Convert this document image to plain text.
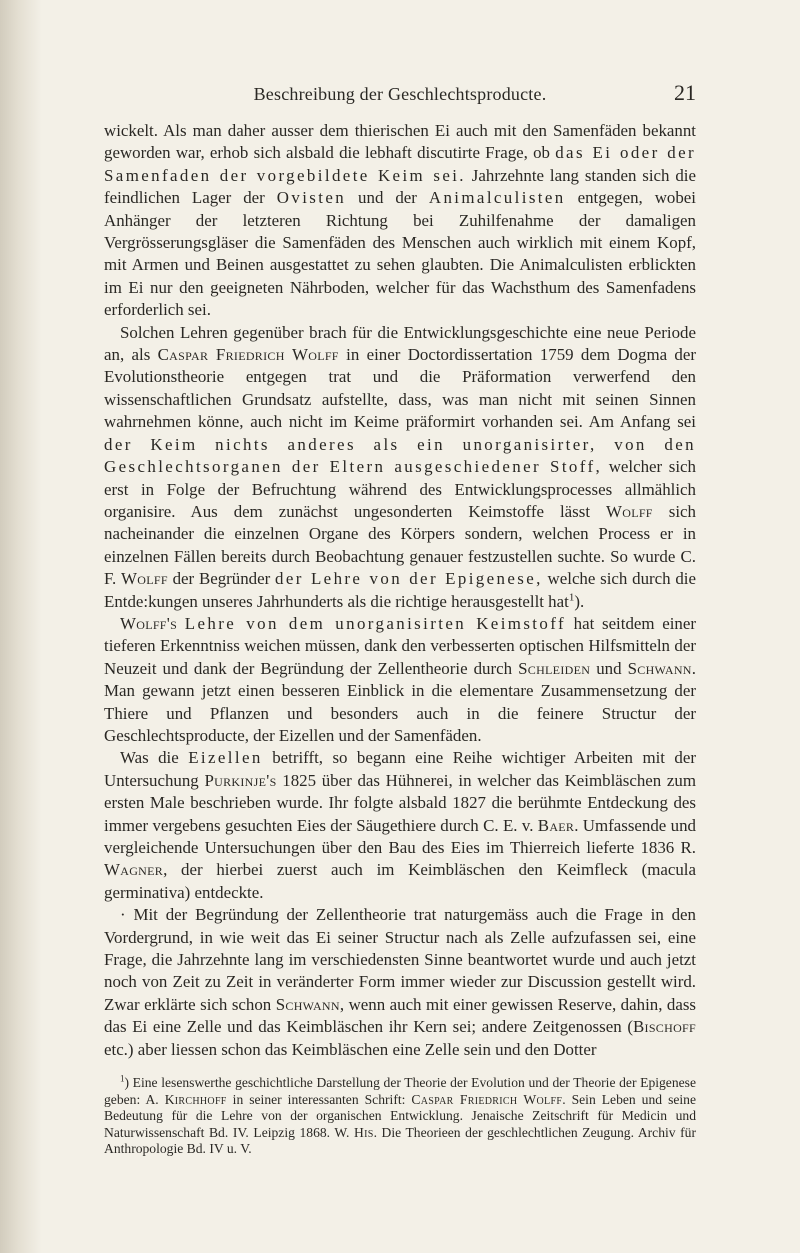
Beschreibung der Geschlechtsproducte.	21

wickelt. Als man daher ausser dem thierischen Ei auch mit den Samenfäden bekannt geworden war, erhob sich alsbald die lebhaft discutirte Frage, ob das Ei oder der Samenfaden der vorgebildete Keim sei. Jahrzehnte lang standen sich die feindlichen Lager der Ovisten und der Animalculisten entgegen, wobei Anhänger der letzteren Richtung bei Zuhilfenahme der damaligen Vergrösserungsgläser die Samenfäden des Menschen auch wirklich mit einem Kopf, mit Armen und Beinen ausgestattet zu sehen glaubten. Die Animalculisten erblickten im Ei nur den geeigneten Nährboden, welcher für das Wachsthum des Samenfadens erforderlich sei.

Solchen Lehren gegenüber brach für die Entwicklungsgeschichte eine neue Periode an, als Caspar Friedrich Wolff in einer Doctordissertation 1759 dem Dogma der Evolutionstheorie entgegen trat und die Präformation verwerfend den wissenschaftlichen Grundsatz aufstellte, dass, was man nicht mit seinen Sinnen wahrnehmen könne, auch nicht im Keime präformirt vorhanden sei. Am Anfang sei der Keim nichts anderes als ein unorganisirter, von den Geschlechtsorganen der Eltern ausgeschiedener Stoff, welcher sich erst in Folge der Befruchtung während des Entwicklungsprocesses allmählich organisire. Aus dem zunächst ungesonderten Keimstoffe lässt Wolff sich nacheinander die einzelnen Organe des Körpers sondern, welchen Process er in einzelnen Fällen bereits durch Beobachtung genauer festzustellen suchte. So wurde C. F. Wolff der Begründer der Lehre von der Epigenese, welche sich durch die Entde:kungen unseres Jahrhunderts als die richtige herausgestellt hat$^1$).

Wolff's Lehre von dem unorganisirten Keimstoff hat seitdem einer tieferen Erkenntniss weichen müssen, dank den verbesserten optischen Hilfsmitteln der Neuzeit und dank der Begründung der Zellentheorie durch Schleiden und Schwann. Man gewann jetzt einen besseren Einblick in die elementare Zusammensetzung der Thiere und Pflanzen und besonders auch in die feinere Structur der Geschlechtsproducte, der Eizellen und der Samenfäden.

Was die Eizellen betrifft, so begann eine Reihe wichtiger Arbeiten mit der Untersuchung Purkinje's 1825 über das Hühnerei, in welcher das Keimbläschen zum ersten Male beschrieben wurde. Ihr folgte alsbald 1827 die berühmte Entdeckung des immer vergebens gesuchten Eies der Säugethiere durch C. E. v. Baer. Umfassende und vergleichende Untersuchungen über den Bau des Eies im Thierreich lieferte 1836 R. Wagner, der hierbei zuerst auch im Keimbläschen den Keimfleck (macula germinativa) entdeckte.

· Mit der Begründung der Zellentheorie trat naturgemäss auch die Frage in den Vordergrund, in wie weit das Ei seiner Structur nach als Zelle aufzufassen sei, eine Frage, die Jahrzehnte lang im verschiedensten Sinne beantwortet wurde und auch jetzt noch von Zeit zu Zeit in veränderter Form immer wieder zur Discussion gestellt wird. Zwar erklärte sich schon Schwann, wenn auch mit einer gewissen Reserve, dahin, dass das Ei eine Zelle und das Keimbläschen ihr Kern sei; andere Zeitgenossen (Bischoff etc.) aber liessen schon das Keimbläschen eine Zelle sein und den Dotter

$^1$) Eine lesenswerthe geschichtliche Darstellung der Theorie der Evolution und der Theorie der Epigenese geben: A. Kirchhoff in seiner interessanten Schrift: Caspar Friedrich Wolff. Sein Leben und seine Bedeutung für die Lehre von der organischen Entwicklung. Jenaische Zeitschrift für Medicin und Naturwissenschaft Bd. IV. Leipzig 1868. W. His. Die Theorieen der geschlechtlichen Zeugung. Archiv für Anthropologie Bd. IV u. V.
